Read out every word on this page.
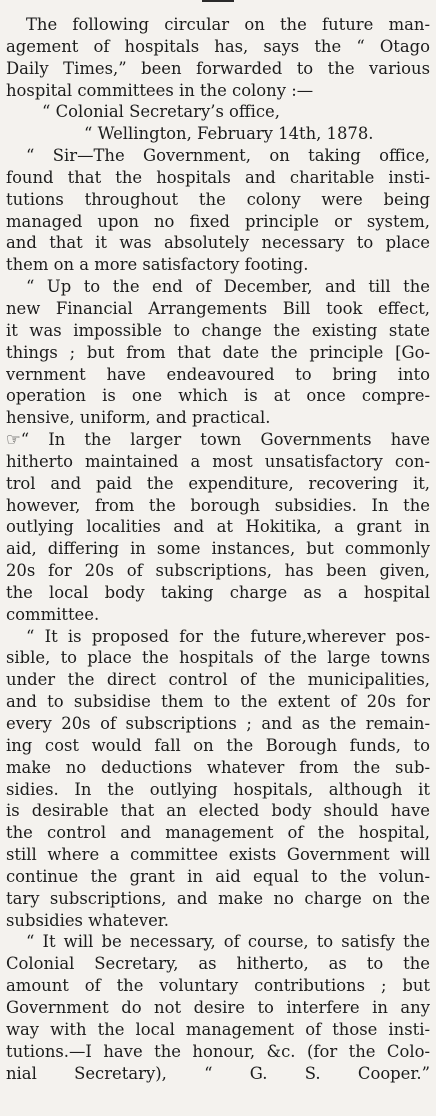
The following circular on the future man-
agement of hospitals has, says the “ Otago
Daily Times,” been forwarded to the various
hospital committees in the colony :—
“ Colonial Secretary’s office,
“ Wellington, February 14th, 1878.
“ Sir—The Government, on taking office,
found that the hospitals and charitable insti-
tutions throughout the colony were being
managed upon no fixed principle or system,
and that it was absolutely necessary to place
them on a more satisfactory footing.
“ Up to the end of December, and till the
new Financial Arrangements Bill took effect,
it was impossible to change the existing state
things ; but from that date the principle [Go-
vernment have endeavoured to bring into
operation is one which is at once compre-
hensive, uniform, and practical.
☞“ In the larger town Governments have
hitherto maintained a most unsatisfactory con-
trol and paid the expenditure, recovering it,
however, from the borough subsidies. In the
outlying localities and at Hokitika, a grant in
aid, differing in some instances, but commonly
20s for 20s of subscriptions, has been given,
the local body taking charge as a hospital
committee.
“ It is proposed for the future,wherever pos-
sible, to place the hospitals of the large towns
under the direct control of the municipalities,
and to subsidise them to the extent of 20s for
every 20s of subscriptions ; and as the remain-
ing cost would fall on the Borough funds, to
make no deductions whatever from the sub-
sidies. In the outlying hospitals, although it
is desirable that an elected body should have
the control and management of the hospital,
still where a committee exists Government will
continue the grant in aid equal to the volun-
tary subscriptions, and make no charge on the
subsidies whatever.
“ It will be necessary, of course, to satisfy the
Colonial Secretary, as hitherto, as to the
amount of the voluntary contributions ; but
Government do not desire to interfere in any
way with the local management of those insti-
tutions.—I have the honour, &c. (for the Colo-
nial Secretary), “ G. S. Cooper.”
